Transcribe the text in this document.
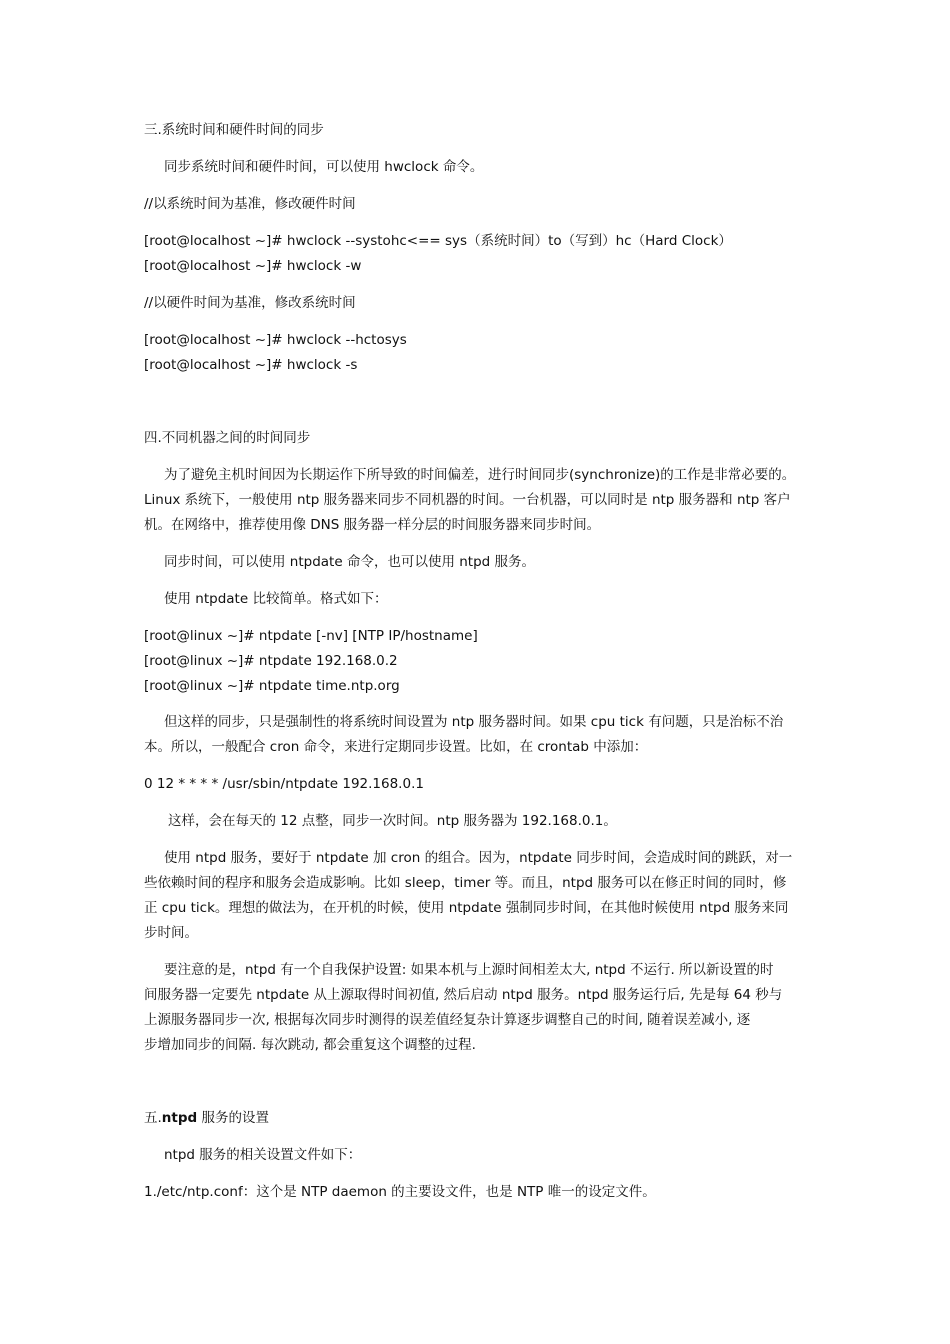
三.系统时间和硬件时间的同步
同步系统时间和硬件时间，可以使用 hwclock 命令。
//以系统时间为基准，修改硬件时间
[root@localhost ~]# hwclock --systohc<== sys（系统时间）to（写到）hc（Hard Clock）
[root@localhost ~]# hwclock -w
//以硬件时间为基准，修改系统时间
[root@localhost ~]# hwclock --hctosys
[root@localhost ~]# hwclock -s
四.不同机器之间的时间同步
为了避免主机时间因为长期运作下所导致的时间偏差，进行时间同步(synchronize)的工作是非常必要的。
Linux 系统下，一般使用 ntp 服务器来同步不同机器的时间。一台机器，可以同时是 ntp 服务器和 ntp 客户
机。在网络中，推荐使用像 DNS 服务器一样分层的时间服务器来同步时间。
同步时间，可以使用 ntpdate 命令，也可以使用 ntpd 服务。
使用 ntpdate 比较简单。格式如下：
[root@linux ~]# ntpdate [-nv] [NTP IP/hostname]
[root@linux ~]# ntpdate 192.168.0.2
[root@linux ~]# ntpdate time.ntp.org
但这样的同步，只是强制性的将系统时间设置为 ntp 服务器时间。如果 cpu tick 有问题，只是治标不治
本。所以，一般配合 cron 命令，来进行定期同步设置。比如，在 crontab 中添加：
0 12 * * * * /usr/sbin/ntpdate 192.168.0.1
这样，会在每天的 12 点整，同步一次时间。ntp 服务器为 192.168.0.1。
使用 ntpd 服务，要好于 ntpdate 加 cron 的组合。因为，ntpdate 同步时间，会造成时间的跳跃，对一
些依赖时间的程序和服务会造成影响。比如 sleep，timer 等。而且，ntpd 服务可以在修正时间的同时，修
正 cpu tick。理想的做法为，在开机的时候，使用 ntpdate 强制同步时间，在其他时候使用 ntpd 服务来同
步时间。
要注意的是，ntpd 有一个自我保护设置: 如果本机与上源时间相差太大, ntpd 不运行. 所以新设置的时
间服务器一定要先 ntpdate 从上源取得时间初值, 然后启动 ntpd 服务。ntpd 服务运行后, 先是每 64 秒与
上源服务器同步一次, 根据每次同步时测得的误差值经复杂计算逐步调整自己的时间, 随着误差减小, 逐
步增加同步的间隔. 每次跳动, 都会重复这个调整的过程.
五.ntpd 服务的设置
ntpd 服务的相关设置文件如下：
1./etc/ntp.conf：这个是 NTP daemon 的主要设文件，也是 NTP 唯一的设定文件。
